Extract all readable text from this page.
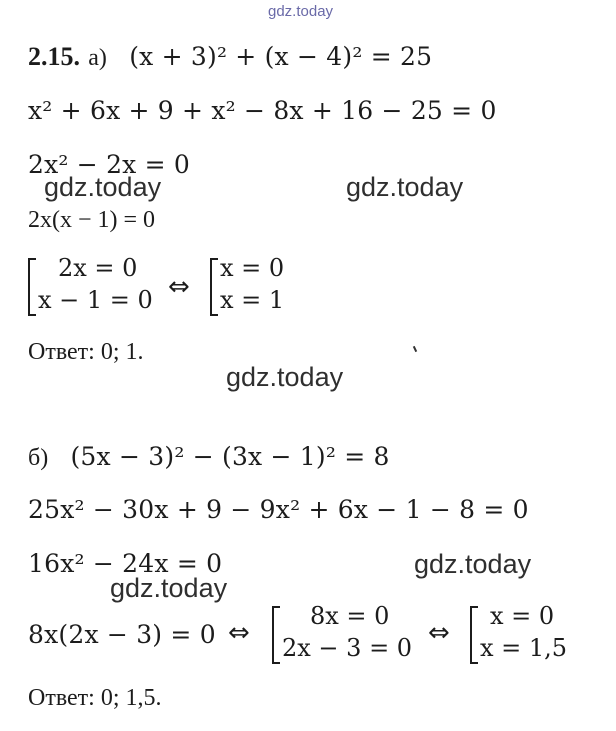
gdz.today
2.15. а) (x + 3)² + (x − 4)² = 25
x² + 6x + 9 + x² − 8x + 16 − 25 = 0
2x² − 2x = 0
gdz.today	gdz.today
2x(x − 1) = 0
2x = 0
x − 1 = 0 ⇔
x = 0
x = 1
Ответ: 0; 1.
gdz.today
б) (5x − 3)² − (3x − 1)² = 8
25x² − 30x + 9 − 9x² + 6x − 1 − 8 = 0
16x² − 24x = 0	gdz.today
gdz.today
8x(2x − 3) = 0 ⇔
8x = 0
2x − 3 = 0 ⇔
x = 0
x = 1,5
Ответ: 0; 1,5.
